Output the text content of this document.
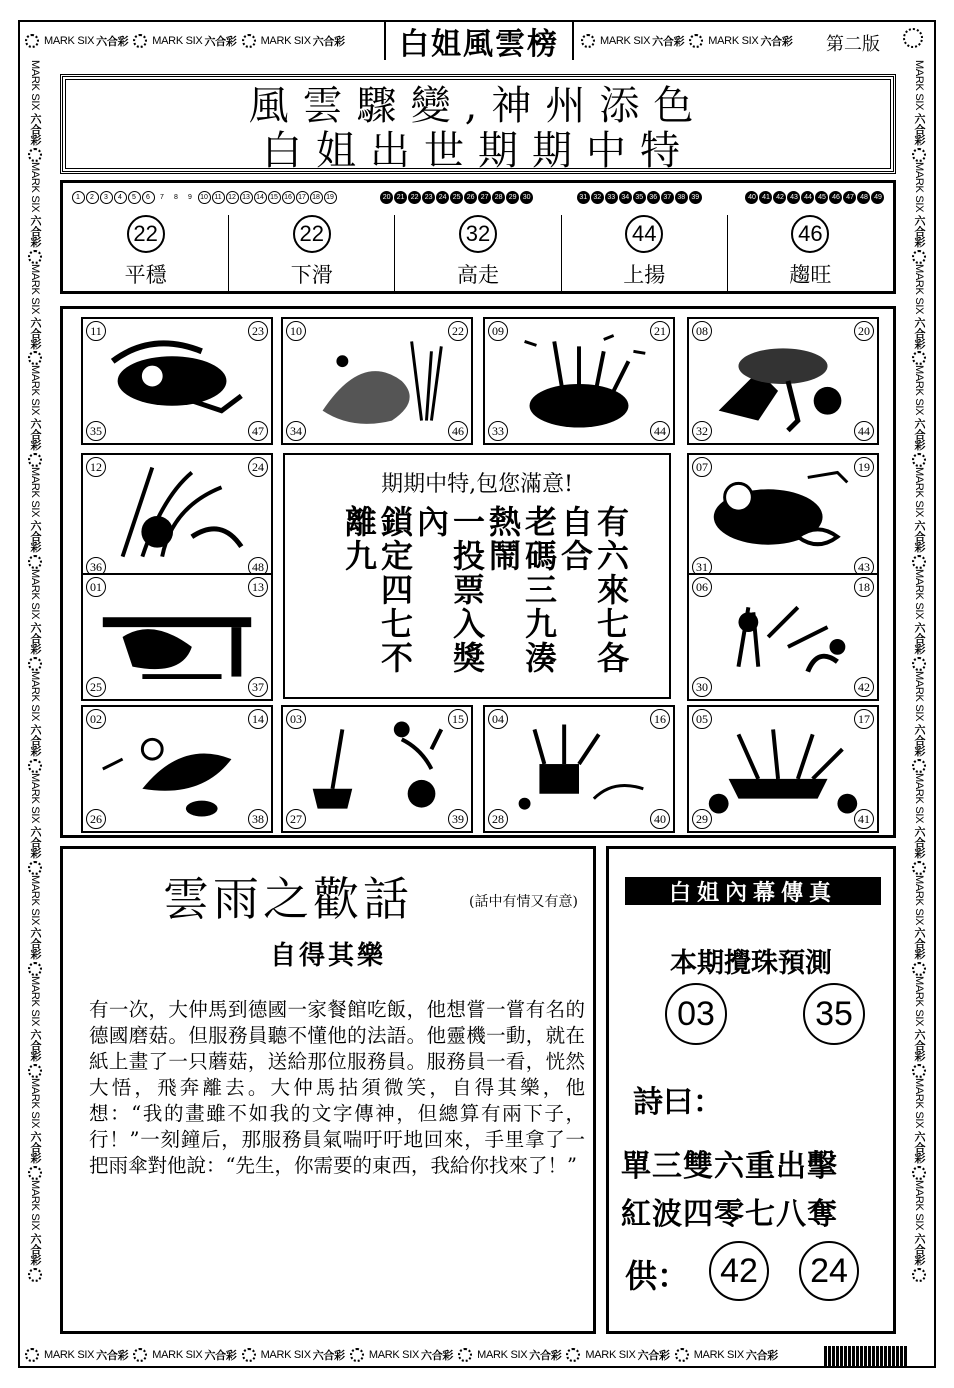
MARK SIX 六合彩 MARK SIX 六合彩 MARK SIX 六合彩 白姐風雲榜	MARK SIX 六合彩 MARK SIX 六合彩 第二版
MARK SIX

六合彩

MARK SIX

六合彩

MARK SIX

六合彩

MARK SIX

六合彩

MARK SIX

六合彩

MARK SIX

六合彩

MARK SIX

六合彩

MARK SIX

六合彩

MARK SIX

六合彩

MARK SIX

六合彩

MARK SIX

六合彩

MARK SIX

六合彩

MARK SIX

六合彩

MARK SIX

六合彩

MARK SIX

六合彩

MARK SIX

六合彩

MARK SIX

六合彩

MARK SIX

六合彩

MARK SIX

六合彩

MARK SIX

六合彩

MARK SIX

六合彩

MARK SIX

六合彩

MARK SIX

六合彩

MARK SIX

六合彩

風雲驟變,神州添色
白姐出世期期中特
1	2	3	4	5	6	7	8	9	10 11 12 13 14 15 16 17 18 19	20 21 22 23 24 25 26 27 28 29 30	31 32 33 34 35 36 37 38 39	40 41 42 43 44 45 46 47 48 49
22
平穩
22
下滑
32
高走
44
上揚
46
趨旺
11	23
35	47
10	22
34	46
09	21
33	44
08	20
32	44
12	24
36	48
07	19
31	43
01	13
25	37
06	18
30	42
02	14
26	38
03	15
27	39
04	16
28	40
05	17
29	41
期期中特,包您滿意!
有六來七各自合
老碼三九湊熱鬧
一投票入獎內
鎖定四七不離九
雲雨之歡話	(話中有情又有意)
自得其樂
有一次，大仲馬到德國一家餐館吃飯，他想嘗一嘗有名的德國磨菇。但服務員聽不懂他的法語。他靈機一動，就在紙上畫了一只蘑菇，送給那位服務員。服務員一看，恍然大悟，飛奔離去。大仲馬拈須微笑，自得其樂，他想：“我的畫雖不如我的文字傳神，但總算有兩下子，行！”一刻鐘后，那服務員氣喘吁吁地回來，手里拿了一把雨傘對他說：“先生，你需要的東西，我給你找來了！”
白姐內幕傳真
本期攪珠預測
03	35
詩曰：
單三雙六重出擊
紅波四零七八奪
供： 42	24
MARK SIX 六合彩 MARK SIX 六合彩 MARK SIX 六合彩 MARK SIX 六合彩 MARK SIX 六合彩 MARK SIX 六合彩 MARK SIX 六合彩
